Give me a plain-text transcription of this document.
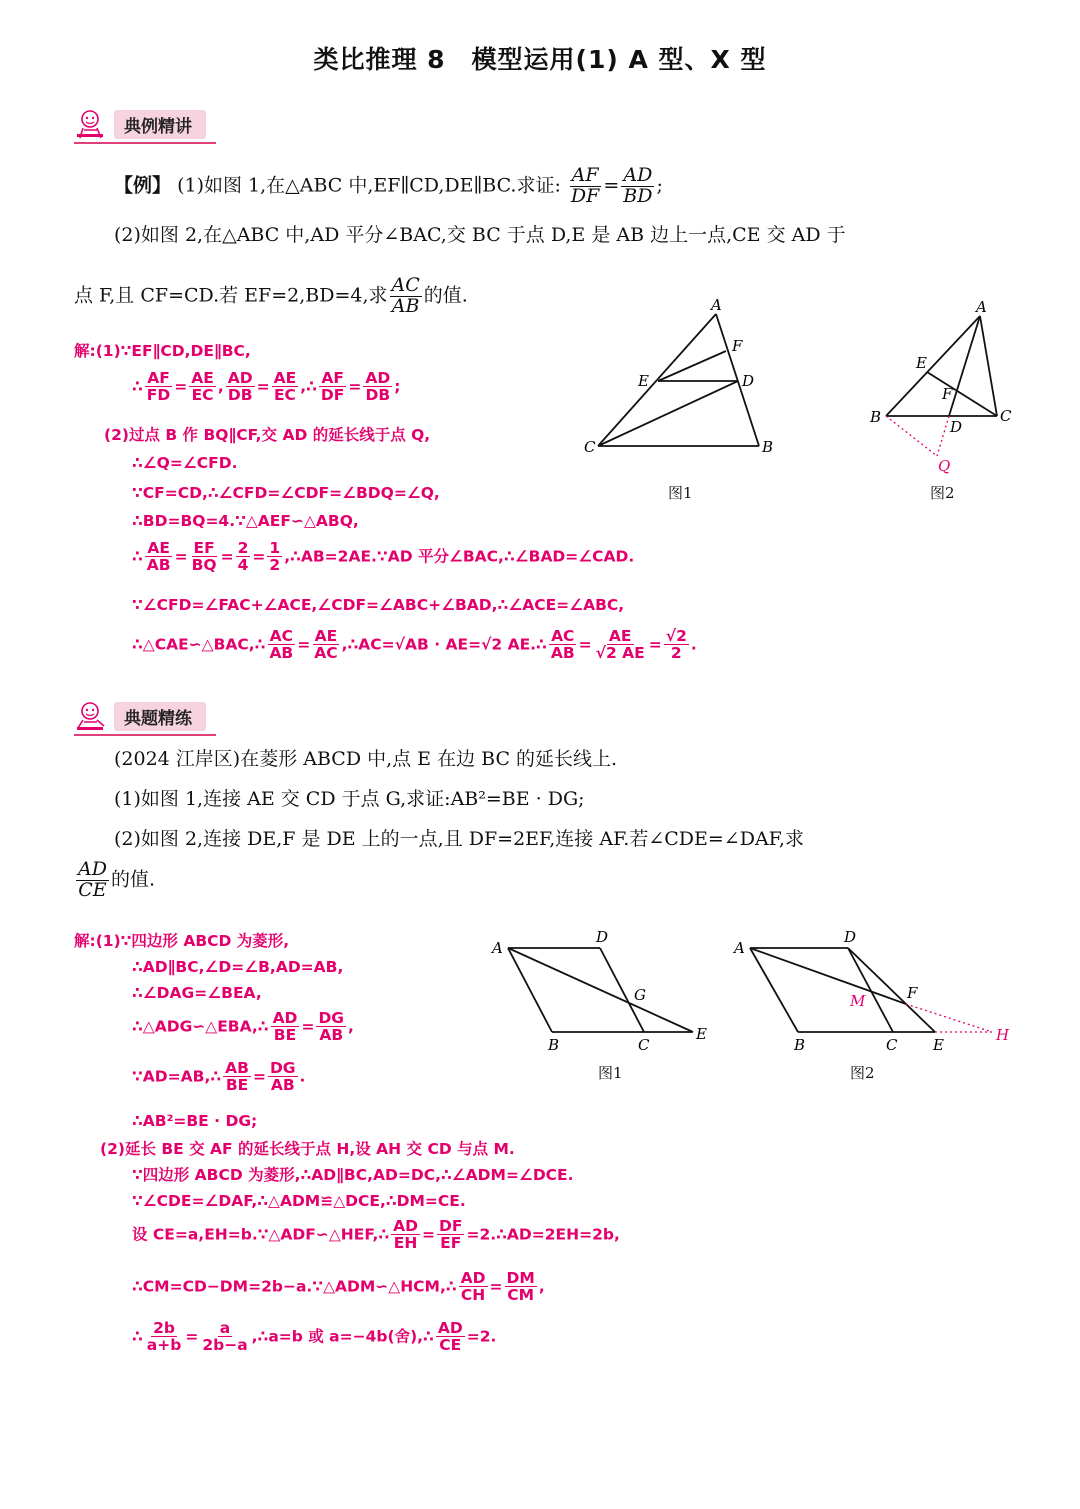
类比推理 8　模型运用(1) A 型、X 型
典例精讲
【例】 (1)如图 1,在△ABC 中,EF∥CD,DE∥BC.求证: $\frac{AF}{DF} = \frac{AD}{BD}$ ;
(2)如图 2,在△ABC 中,AD 平分∠BAC,交 BC 于点 D,E 是 AB 边上一点,CE 交 AD 于
点 F,且 CF=CD.若 EF=2,BD=4,求 $\frac{AC}{AB}$ 的值.
解:(1)∵EF∥CD,DE∥BC,
∴ $\frac{AF}{FD} = \frac{AE}{EC}$ , $\frac{AD}{DB} = \frac{AE}{EC}$ ,∴ $\frac{AF}{DF} = \frac{AD}{DB}$ ;
(2)过点 B 作 BQ∥CF,交 AD 的延长线于点 Q,
∴∠Q=∠CFD.
∵CF=CD,∴∠CFD=∠CDF=∠BDQ=∠Q,
∴BD=BQ=4.∵△AEF∽△ABQ,
∴ $\frac{AE}{AB} = \frac{EF}{BQ} = \frac{2}{4} = \frac{1}{2}$ ,∴AB=2AE.∵AD 平分∠BAC,∴∠BAD=∠CAD.
∵∠CFD=∠FAC+∠ACE,∠CDF=∠ABC+∠BAD,∴∠ACE=∠ABC,
∴△CAE∽△BAC,∴ $\frac{AC}{AB} = \frac{AE}{AC}$ ,∴AC=√AB · AE=√2 AE.∴ $\frac{AC}{AB} = \frac{AE}{√2 AE} = \frac{√2}{2}$ .
A
F
E	D
C	B
图1
A
E
F
B
D
C
Q
图2
典题精练
(2024 江岸区)在菱形 ABCD 中,点 E 在边 BC 的延长线上.
(1)如图 1,连接 AE 交 CD 于点 G,求证:AB²=BE · DG;
(2)如图 2,连接 DE,F 是 DE 上的一点,且 DF=2EF,连接 AF.若∠CDE=∠DAF,求
$\frac{AD}{CE}$ 的值.
解:(1)∵四边形 ABCD 为菱形,
∴AD∥BC,∠D=∠B,AD=AB,
∴∠DAG=∠BEA,
∴△ADG∽△EBA,∴ $\frac{AD}{BE} = \frac{DG}{AB}$ ,
∵AD=AB,∴ $\frac{AB}{BE} = \frac{DG}{AB}$ .
∴AB²=BE · DG;
(2)延长 BE 交 AF 的延长线于点 H,设 AH 交 CD 与点 M.
∵四边形 ABCD 为菱形,∴AD∥BC,AD=DC,∴∠ADM=∠DCE.
∵∠CDE=∠DAF,∴△ADM≌△DCE,∴DM=CE.
设 CE=a,EH=b.∵△ADF∽△HEF,∴ $\frac{AD}{EH} = \frac{DF}{EF}$ =2.∴AD=2EH=2b,
∴CM=CD−DM=2b−a.∵△ADM∽△HCM,∴ $\frac{AD}{CH} = \frac{DM}{CM}$ ,
∴ $\frac{2b}{a+b} = \frac{a}{2b-a}$ ,∴a=b 或 a=−4b(舍),∴ $\frac{AD}{CE} =2$.
A
D
G
B	C
E
图1
A
D
M	F
B	C E
H
图2
